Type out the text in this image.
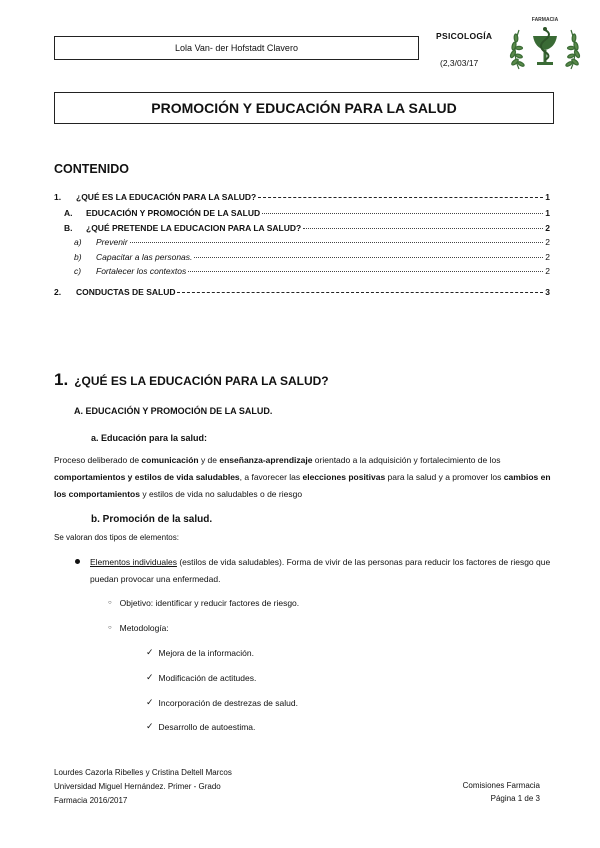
Lola Van- der Hofstadt Clavero
PSICOLOGÍA
(2,3/03/17
FARMACIA
PROMOCIÓN Y EDUCACIÓN PARA LA SALUD
CONTENIDO
1.	¿QUÉ ES LA EDUCACIÓN PARA LA SALUD?	1
A.	EDUCACIÓN Y PROMOCIÓN DE LA SALUD	1
B.	¿QUÉ PRETENDE LA EDUCACION PARA LA SALUD?	2
a)	Prevenir	2
b)	Capacitar a las personas.	2
c)	Fortalecer los contextos	2
2.	CONDUCTAS DE SALUD	3
1. ¿QUÉ ES LA EDUCACIÓN PARA LA SALUD?
A. EDUCACIÓN Y PROMOCIÓN DE LA SALUD.
a. Educación para la salud:
Proceso deliberado de comunicación y de enseñanza-aprendizaje orientado a la adquisición y fortalecimiento de los comportamientos y estilos de vida saludables, a favorecer las elecciones positivas para la salud y a promover los cambios en los comportamientos y estilos de vida no saludables o de riesgo
b. Promoción de la salud.
Se valoran dos tipos de elementos:
Elementos individuales (estilos de vida saludables). Forma de vivir de las personas para reducir los factores de riesgo que puedan provocar una enfermedad.
○ Objetivo: identificar y reducir factores de riesgo.
○ Metodología:
✓ Mejora de la información.
✓ Modificación de actitudes.
✓ Incorporación de destrezas de salud.
✓ Desarrollo de autoestima.
Lourdes Cazorla Ribelles y Cristina Deltell Marcos
Universidad Miguel Hernández. Primer - Grado
Farmacia 2016/2017
Comisiones Farmacia
Página 1 de 3
